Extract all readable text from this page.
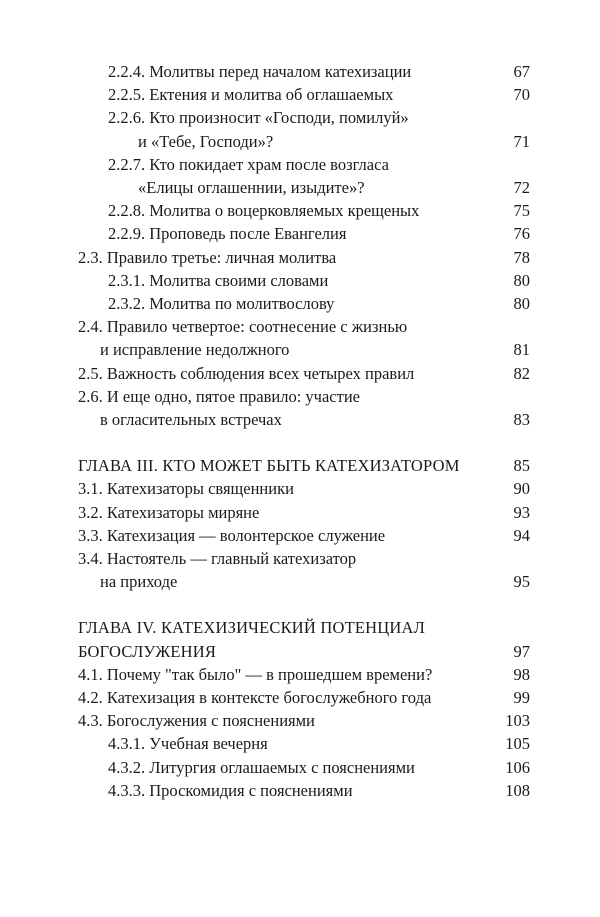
2.2.4. Молитвы перед началом катехизации	67
2.2.5. Ектения и молитва об оглашаемых	70
2.2.6. Кто произносит «Господи, помилуй»
и «Тебе, Господи»?	71
2.2.7. Кто покидает храм после возгласа
«Елицы оглашеннии, изыдите»?	72
2.2.8. Молитва о воцерковляемых крещеных	75
2.2.9. Проповедь после Евангелия	76
2.3. Правило третье: личная молитва	78
2.3.1. Молитва своими словами	80
2.3.2. Молитва по молитвослову	80
2.4. Правило четвертое: соотнесение с жизнью
и исправление недолжного	81
2.5. Важность соблюдения всех четырех правил	82
2.6. И еще одно, пятое правило: участие
в огласительных встречах	83
ГЛАВА III. КТО МОЖЕТ БЫТЬ КАТЕХИЗАТОРОМ	85
3.1. Катехизаторы священники	90
3.2. Катехизаторы миряне	93
3.3. Катехизация — волонтерское служение	94
3.4. Настоятель — главный катехизатор
на приходе	95
ГЛАВА IV. КАТЕХИЗИЧЕСКИЙ ПОТЕНЦИАЛ
БОГОСЛУЖЕНИЯ	97
4.1. Почему "так было" — в прошедшем времени?	98
4.2. Катехизация в контексте богослужебного года	99
4.3. Богослужения с пояснениями	103
4.3.1. Учебная вечерня	105
4.3.2. Литургия оглашаемых с пояснениями	106
4.3.3. Проскомидия с пояснениями	108
